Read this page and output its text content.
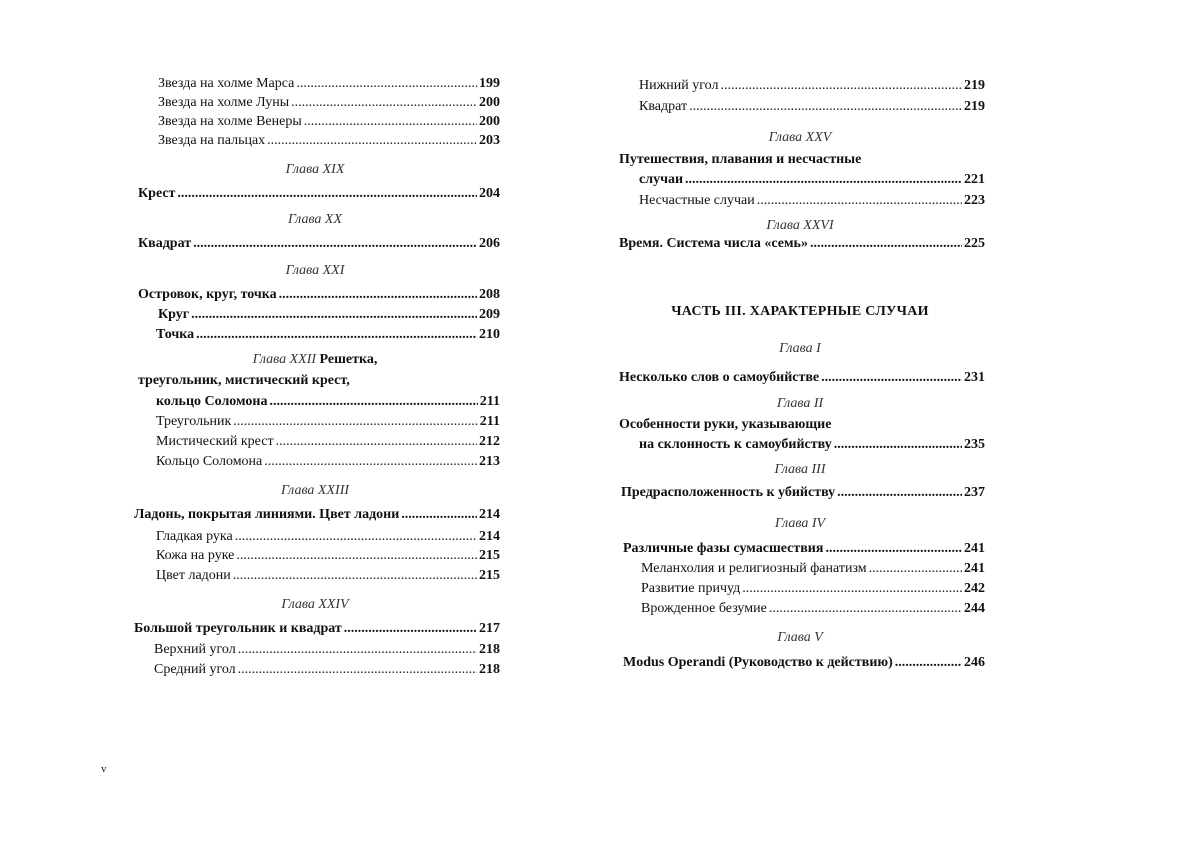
Звезда на холме Марса .....	199
Звезда на холме Луны .....	200
Звезда на холме Венеры .....	200
Звезда на пальцах .....	203
Глава XIX
Крест .....	204
Глава XX
Квадрат .....	206
Глава XXI
Островок, круг, точка .....	208
Круг .....	209
Точка .....	210
Глава XXII Решетка,
треугольник, мистический крест,
кольцо Соломона .....	211
Треугольник .....	211
Мистический крест .....	212
Кольцо Соломона .....	213
Глава XXIII
Ладонь, покрытая линиями. Цвет ладони .....	214
Гладкая рука .....	214
Кожа на руке .....	215
Цвет ладони .....	215
Глава XXIV
Большой треугольник и квадрат .....	217
Верхний угол .....	218
Средний угол .....	218
Нижний угол .....	219
Квадрат .....	219
Глава XXV
Путешествия, плавания и несчастные
случаи .....	221
Несчастные случаи .....	223
Глава XXVI
Время. Система числа «семь» .....	225
ЧАСТЬ III. ХАРАКТЕРНЫЕ СЛУЧАИ
Глава I
Несколько слов о самоубийстве .....	231
Глава II
Особенности руки, указывающие
на склонность к самоубийству .....	235
Глава III
Предрасположенность к убийству .....	237
Глава IV
Различные фазы сумасшествия .....	241
Меланхолия и религиозный фанатизм .....	241
Развитие причуд .....	242
Врожденное безумие .....	244
Глава V
Modus Operandi (Руководство к действию) .....	246
v
